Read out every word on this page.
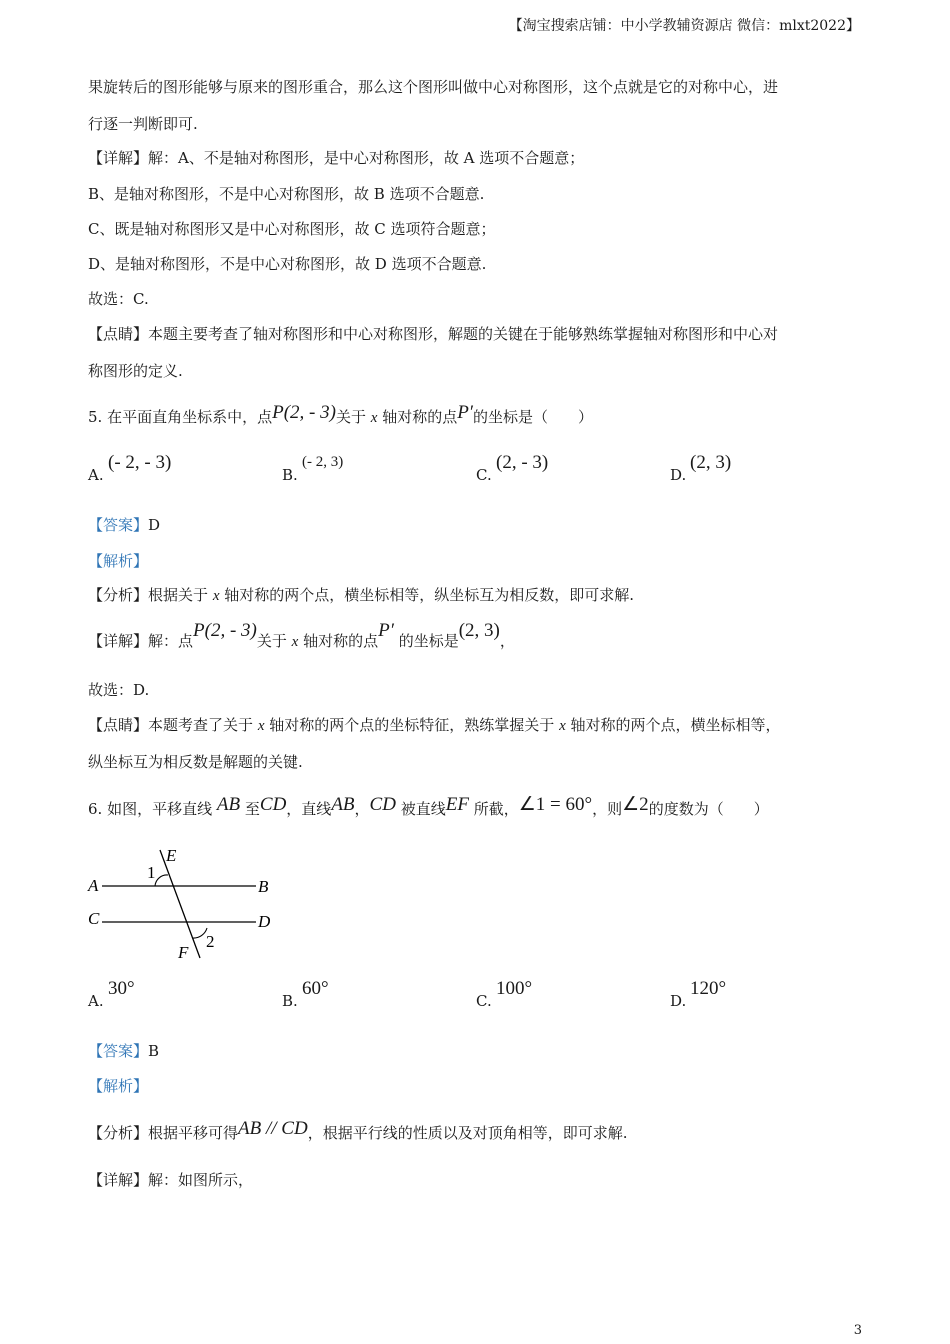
【淘宝搜索店铺：中小学教辅资源店 微信：mlxt2022】
果旋转后的图形能够与原来的图形重合，那么这个图形叫做中心对称图形，这个点就是它的对称中心，进
行逐一判断即可.
【详解】解：A、不是轴对称图形，是中心对称图形，故 A 选项不合题意；
B、是轴对称图形，不是中心对称图形，故 B 选项不合题意.
C、既是轴对称图形又是中心对称图形，故 C 选项符合题意；
D、是轴对称图形，不是中心对称图形，故 D 选项不合题意.
故选：C.
【点睛】本题主要考查了轴对称图形和中心对称图形，解题的关键在于能够熟练掌握轴对称图形和中心对
称图形的定义.
5. 在平面直角坐标系中，点P(2, - 3)关于 x 轴对称的点P′的坐标是（　　）
A.
(- 2, - 3)
B.
(- 2, 3)
C.
(2, - 3)
D.
(2, 3)
【答案】D
【解析】
【分析】根据关于 x 轴对称的两个点，横坐标相等，纵坐标互为相反数，即可求解.
【详解】解：点P(2, - 3)关于 x 轴对称的点P′ 的坐标是(2, 3)，
故选：D.
【点睛】本题考查了关于 x 轴对称的两个点的坐标特征，熟练掌握关于 x 轴对称的两个点，横坐标相等，
纵坐标互为相反数是解题的关键.
6. 如图，平移直线 AB 至CD，直线AB，CD 被直线EF 所截，∠1 = 60°，则∠2的度数为（　　）
A	B
C	D
E
F
1
2
A.
30°
B.
60°
C.
100°
D.
120°
【答案】B
【解析】
【分析】根据平移可得AB // CD，根据平行线的性质以及对顶角相等，即可求解.
【详解】解：如图所示，
3
